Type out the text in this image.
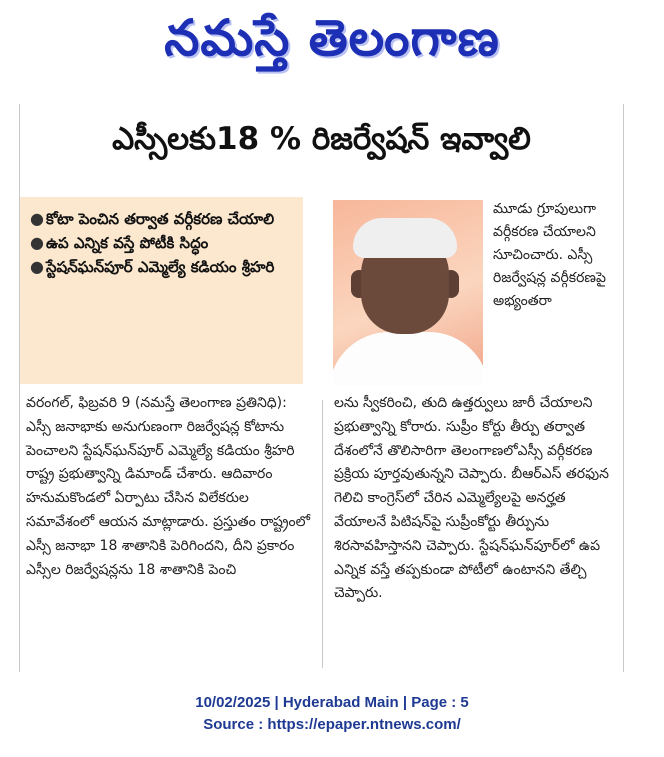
నమస్తే తెలంగాణ
ఎస్సీలకు18 % రిజర్వేషన్ ఇవ్వాలి
● కోటా పెంచిన తర్వాత వర్గీకరణ చేయాలి
● ఉప ఎన్నిక వస్తే పోటీకి సిద్ధం
● స్టేషన్‌ఘన్‌పూర్ ఎమ్మెల్యే కడియం శ్రీహరి

మూడు గ్రూపులుగా వర్గీకరణ చేయాలని సూచించారు. ఎస్సీ రిజర్వేషన్ల వర్గీకరణపై అభ్యంతరా

వరంగల్, ఫిబ్రవరి 9 (నమస్తే తెలంగాణ ప్రతినిధి): ఎస్సీ జనాభాకు అనుగుణంగా రిజర్వేషన్ల కోటాను పెంచాలని స్టేషన్‌ఘన్‌పూర్ ఎమ్మెల్యే కడియం శ్రీహరి రాష్ట్ర ప్రభుత్వాన్ని డిమాండ్ చేశారు. ఆదివారం హనుమకొండలో ఏర్పాటు చేసిన విలేకరుల సమావేశంలో ఆయన మాట్లాడారు. ప్రస్తుతం రాష్ట్రంలో ఎస్సీ జనాభా 18 శాతానికి పెరిగిందని, దీని ప్రకారం ఎస్సీల రిజర్వేషన్లను 18 శాతానికి పెంచి

లను స్వీకరించి, తుది ఉత్తర్వులు జారీ చేయాలని ప్రభుత్వాన్ని కోరారు. సుప్రీం కోర్టు తీర్పు తర్వాత దేశంలోనే తొలిసారిగా తెలంగాణలోఎస్సీ వర్గీకరణ ప్రక్రియ పూర్తవుతున్నని చెప్పారు. బీఆర్ఎస్ తరఫున గెలిచి కాంగ్రెస్‌లో చేరిన ఎమ్మెల్యేలపై అనర్హత వేయాలనే పిటిషన్‌పై సుప్రీంకోర్టు తీర్పును శిరసావహిస్తానని చెప్పారు. స్టేషన్‌ఘన్‌పూర్‌లో ఉప ఎన్నిక వస్తే తప్పకుండా పోటీలో ఉంటానని తేల్చి చెప్పారు.

10/02/2025 | Hyderabad Main | Page : 5
Source : https://epaper.ntnews.com/
